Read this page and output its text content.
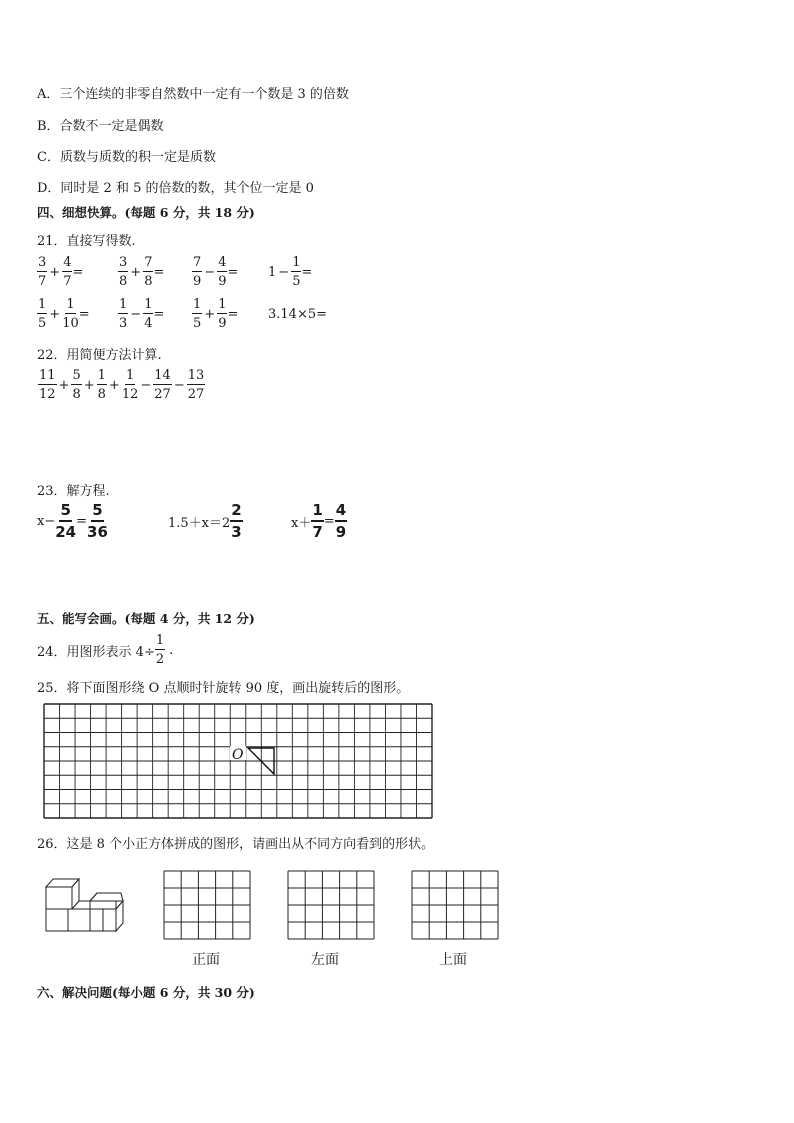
A．三个连续的非零自然数中一定有一个数是 3 的倍数
B．合数不一定是偶数
C．质数与质数的积一定是质数
D．同时是 2 和 5 的倍数的数，其个位一定是 0
四、细想快算。(每题 6 分，共 18 分)
21．直接写得数.
$\frac{3}{7} + \frac{4}{7}$ =	$\frac{3}{8} + \frac{7}{8} = \frac{7}{9} - \frac{4}{9} = 1 - \frac{1}{5}$ =
$\frac{1}{5} + \frac{1}{10} = \frac{1}{3} - \frac{1}{4} = \frac{1}{5} + \frac{1}{9} = 3.14\times 5=$
22．用简便方法计算.
$\frac{11}{12} + \frac{5}{8} + \frac{1}{8} + \frac{1}{12} - \frac{14}{27} - \frac{13}{27}$
23．解方程.
$x- \frac{5}{24} = \frac{5}{36}$	$1.5+x=2 \frac{2}{3}$	$x+ \frac{1}{7} = \frac{4}{9}$
五、能写会画。(每题 4 分，共 12 分)
24．用图形表示 $4\div \frac{1}{2}$ .
25．将下面图形绕 O 点顺时针旋转 90 度，画出旋转后的图形。
O
26．这是 8 个小正方体拼成的图形，请画出从不同方向看到的形状。
正面	左面	上面
六、解决问题(每小题 6 分，共 30 分)
